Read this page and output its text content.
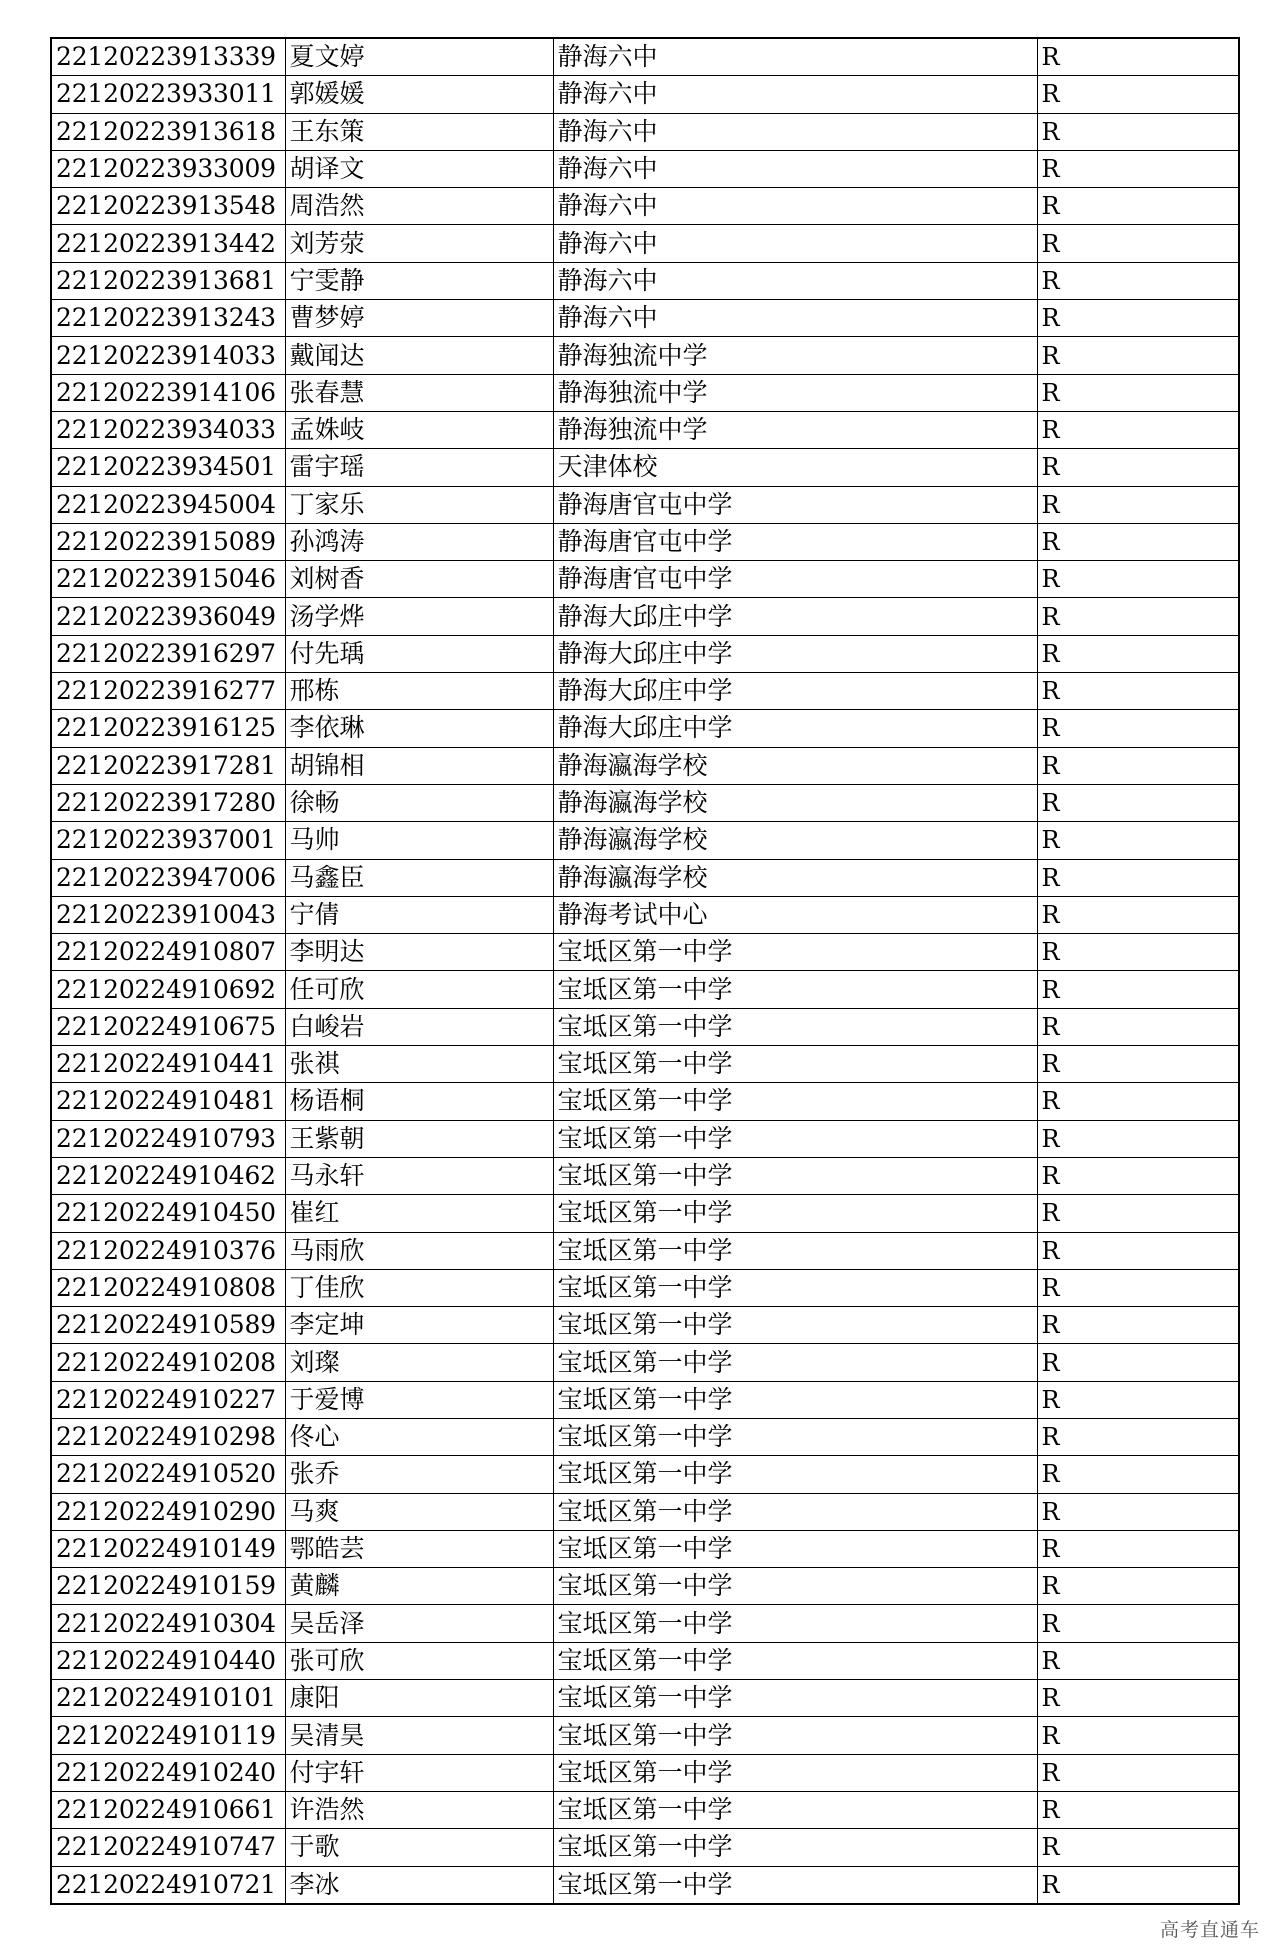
22120223913339	夏文婷	静海六中	R
22120223933011	郭媛媛	静海六中	R
22120223913618	王东策	静海六中	R
22120223933009	胡译文	静海六中	R
22120223913548	周浩然	静海六中	R
22120223913442	刘芳荥	静海六中	R
22120223913681	宁雯静	静海六中	R
22120223913243	曹梦婷	静海六中	R
22120223914033	戴闻达	静海独流中学	R
22120223914106	张春慧	静海独流中学	R
22120223934033	孟姝岐	静海独流中学	R
22120223934501	雷宇瑶	天津体校	R
22120223945004	丁家乐	静海唐官屯中学	R
22120223915089	孙鸿涛	静海唐官屯中学	R
22120223915046	刘树香	静海唐官屯中学	R
22120223936049	汤学烨	静海大邱庄中学	R
22120223916297	付先瑀	静海大邱庄中学	R
22120223916277	邢栋	静海大邱庄中学	R
22120223916125	李依琳	静海大邱庄中学	R
22120223917281	胡锦相	静海瀛海学校	R
22120223917280	徐畅	静海瀛海学校	R
22120223937001	马帅	静海瀛海学校	R
22120223947006	马鑫臣	静海瀛海学校	R
22120223910043	宁倩	静海考试中心	R
22120224910807	李明达	宝坻区第一中学	R
22120224910692	任可欣	宝坻区第一中学	R
22120224910675	白峻岩	宝坻区第一中学	R
22120224910441	张祺	宝坻区第一中学	R
22120224910481	杨语桐	宝坻区第一中学	R
22120224910793	王紫朝	宝坻区第一中学	R
22120224910462	马永轩	宝坻区第一中学	R
22120224910450	崔红	宝坻区第一中学	R
22120224910376	马雨欣	宝坻区第一中学	R
22120224910808	丁佳欣	宝坻区第一中学	R
22120224910589	李定坤	宝坻区第一中学	R
22120224910208	刘璨	宝坻区第一中学	R
22120224910227	于爱博	宝坻区第一中学	R
22120224910298	佟心	宝坻区第一中学	R
22120224910520	张乔	宝坻区第一中学	R
22120224910290	马爽	宝坻区第一中学	R
22120224910149	鄂皓芸	宝坻区第一中学	R
22120224910159	黄麟	宝坻区第一中学	R
22120224910304	吴岳泽	宝坻区第一中学	R
22120224910440	张可欣	宝坻区第一中学	R
22120224910101	康阳	宝坻区第一中学	R
22120224910119	吴清昊	宝坻区第一中学	R
22120224910240	付宇轩	宝坻区第一中学	R
22120224910661	许浩然	宝坻区第一中学	R
22120224910747	于歌	宝坻区第一中学	R
22120224910721	李冰	宝坻区第一中学	R
高考直通车
